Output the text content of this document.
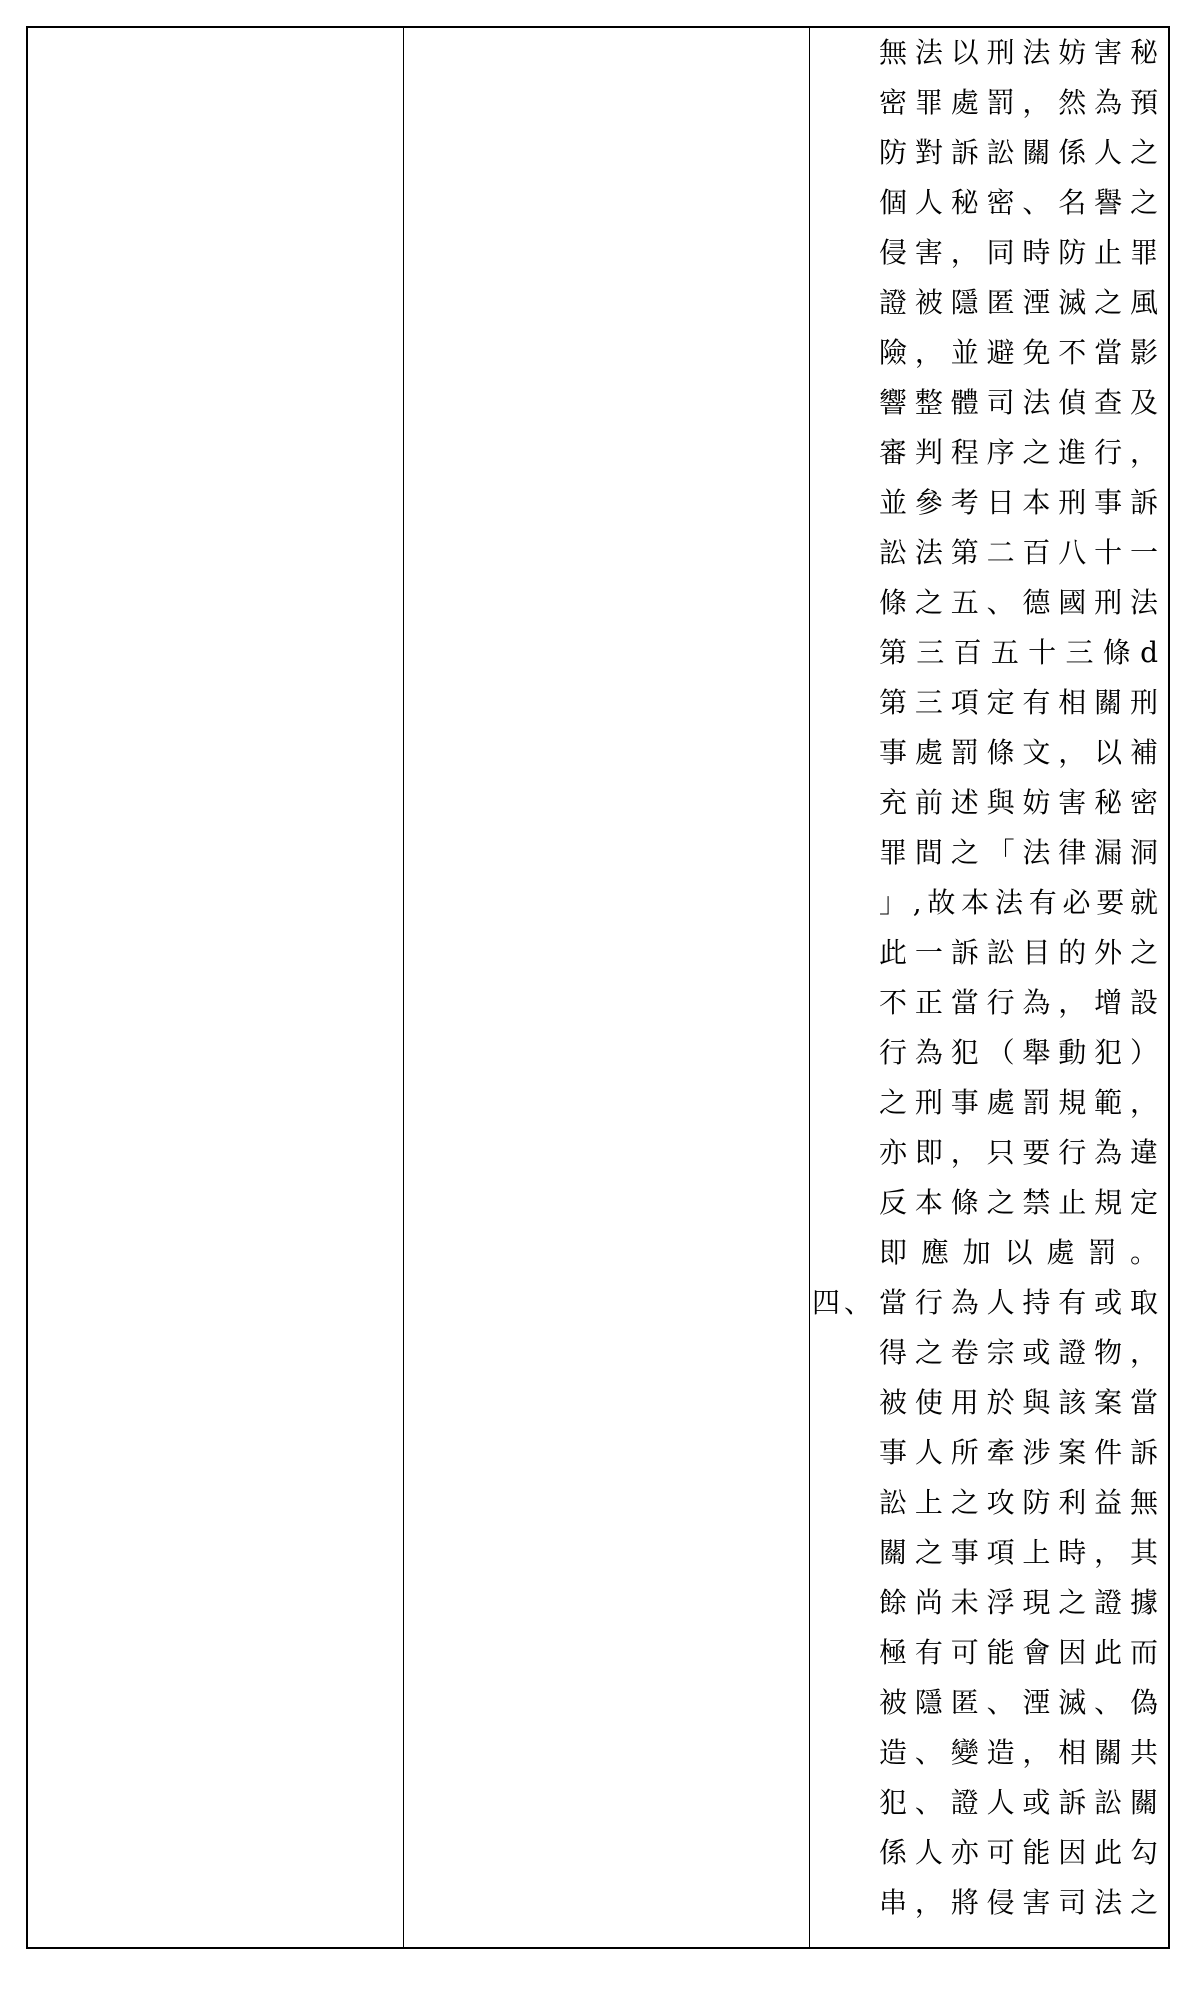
無法以刑法妨害秘
密罪處罰，然為預
防對訴訟關係人之
個人秘密、名譽之
侵害，同時防止罪
證被隱匿湮滅之風
險，並避免不當影
響整體司法偵查及
審判程序之進行，
並參考日本刑事訴
訟法第二百八十一
條之五、德國刑法
第三百五十三條d
第三項定有相關刑
事處罰條文，以補
充前述與妨害秘密
罪間之「法律漏洞
」,故本法有必要就
此一訴訟目的外之
不正當行為，增設
行為犯（舉動犯）
之刑事處罰規範，
亦即，只要行為違
反本條之禁止規定
即應加以處罰。
四、 當行為人持有或取
得之卷宗或證物，
被使用於與該案當
事人所牽涉案件訴
訟上之攻防利益無
關之事項上時，其
餘尚未浮現之證據
極有可能會因此而
被隱匿、湮滅、偽
造、變造，相關共
犯、證人或訴訟關
係人亦可能因此勾
串，將侵害司法之
